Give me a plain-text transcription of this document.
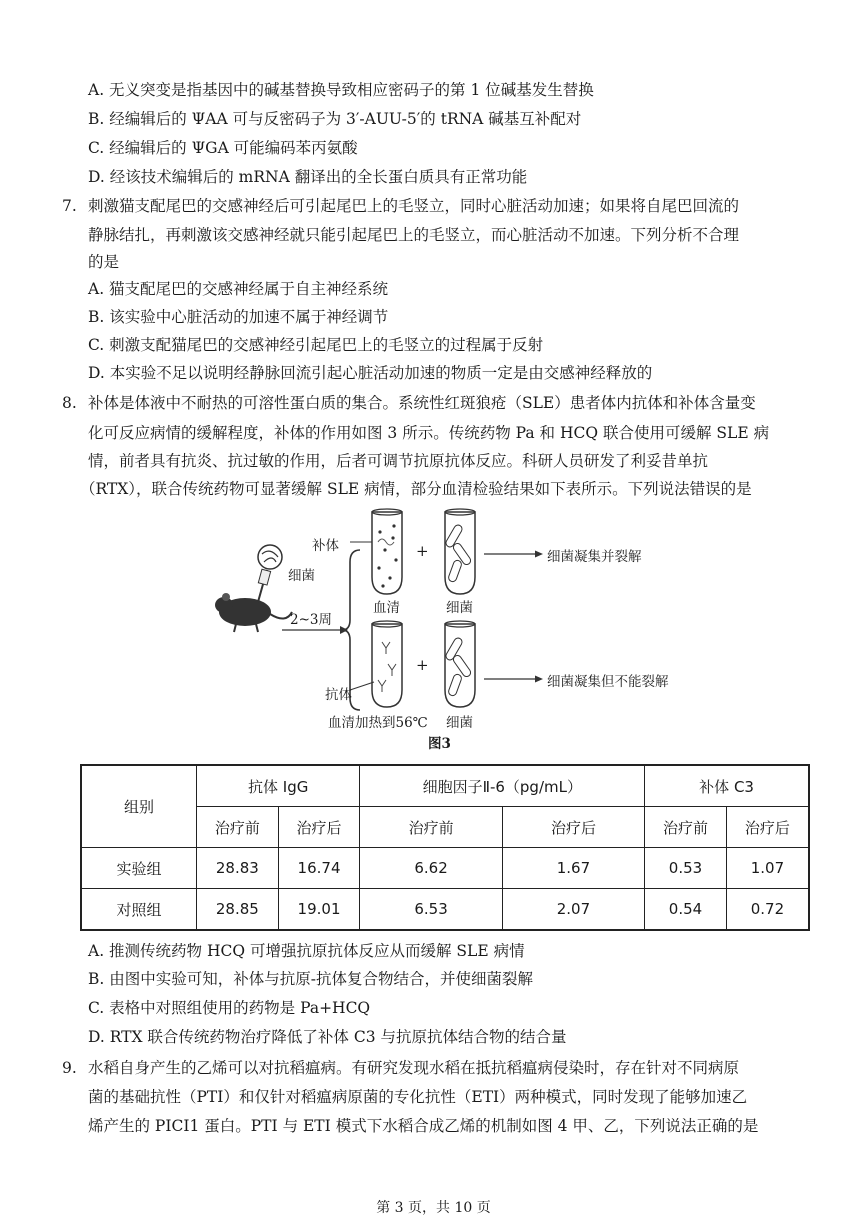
A. 无义突变是指基因中的碱基替换导致相应密码子的第 1 位碱基发生替换
B. 经编辑后的 ΨAA 可与反密码子为 3′-AUU-5′的 tRNA 碱基互补配对
C. 经编辑后的 ΨGA 可能编码苯丙氨酸
D. 经该技术编辑后的 mRNA 翻译出的全长蛋白质具有正常功能
7. 刺激猫支配尾巴的交感神经后可引起尾巴上的毛竖立，同时心脏活动加速；如果将自尾巴回流的
静脉结扎，再刺激该交感神经就只能引起尾巴上的毛竖立，而心脏活动不加速。下列分析不合理
的是
A. 猫支配尾巴的交感神经属于自主神经系统
B. 该实验中心脏活动的加速不属于神经调节
C. 刺激支配猫尾巴的交感神经引起尾巴上的毛竖立的过程属于反射
D. 本实验不足以说明经静脉回流引起心脏活动加速的物质一定是由交感神经释放的
8. 补体是体液中不耐热的可溶性蛋白质的集合。系统性红斑狼疮（SLE）患者体内抗体和补体含量变
化可反应病情的缓解程度，补体的作用如图 3 所示。传统药物 Pa 和 HCQ 联合使用可缓解 SLE 病
情，前者具有抗炎、抗过敏的作用，后者可调节抗原抗体反应。科研人员研发了利妥昔单抗
（RTX），联合传统药物可显著缓解 SLE 病情，部分血清检验结果如下表所示。下列说法错误的是
补体
细菌
血清
+
细菌
2~3周
细菌凝集并裂解
+
细菌凝集但不能裂解
抗体
血清加热到56℃ 细菌
图3
组别	抗体 IgG		细胞因子Ⅱ-6（pg/mL）		补体 C3	
	治疗前	治疗后	治疗前	治疗后	治疗前	治疗后
实验组	28.83	16.74	6.62	1.67	0.53	1.07
对照组	28.85	19.01	6.53	2.07	0.54	0.72
A. 推测传统药物 HCQ 可增强抗原抗体反应从而缓解 SLE 病情
B. 由图中实验可知，补体与抗原-抗体复合物结合，并使细菌裂解
C. 表格中对照组使用的药物是 Pa+HCQ
D. RTX 联合传统药物治疗降低了补体 C3 与抗原抗体结合物的结合量
9. 水稻自身产生的乙烯可以对抗稻瘟病。有研究发现水稻在抵抗稻瘟病侵染时，存在针对不同病原
菌的基础抗性（PTI）和仅针对稻瘟病原菌的专化抗性（ETI）两种模式，同时发现了能够加速乙
烯产生的 PICI1 蛋白。PTI 与 ETI 模式下水稻合成乙烯的机制如图 4 甲、乙，下列说法正确的是
第 3 页，共 10 页
